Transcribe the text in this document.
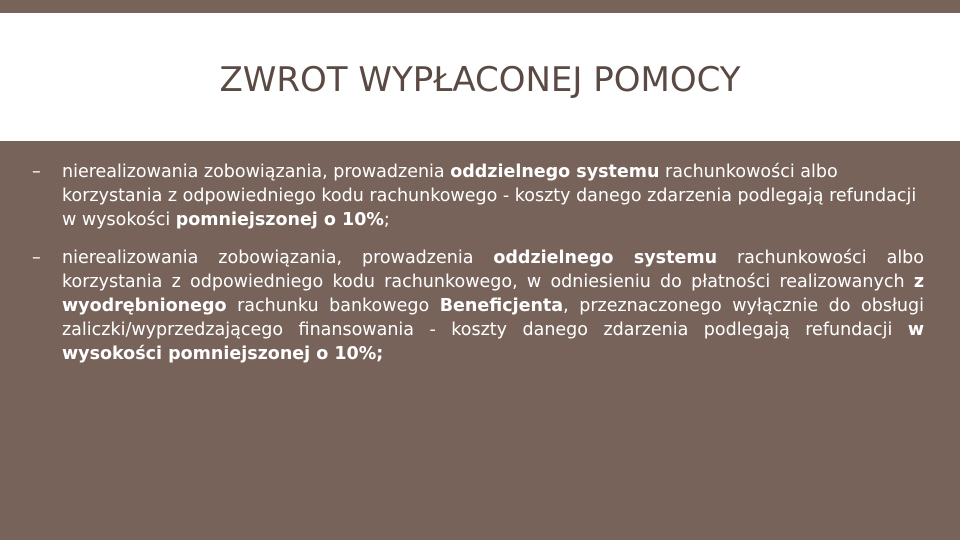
ZWROT WYPŁACONEJ POMOCY

– nierealizowania zobowiązania, prowadzenia oddzielnego systemu rachunkowości albo korzystania z odpowiedniego kodu rachunkowego - koszty danego zdarzenia podlegają refundacji w wysokości pomniejszonej o 10%;

– nierealizowania zobowiązania, prowadzenia oddzielnego systemu rachunkowości albo korzystania z odpowiedniego kodu rachunkowego, w odniesieniu do płatności realizowanych z wyodrębnionego rachunku bankowego Beneficjenta, przeznaczonego wyłącznie do obsługi zaliczki/wyprzedzającego finansowania - koszty danego zdarzenia podlegają refundacji w wysokości pomniejszonej o 10%;
